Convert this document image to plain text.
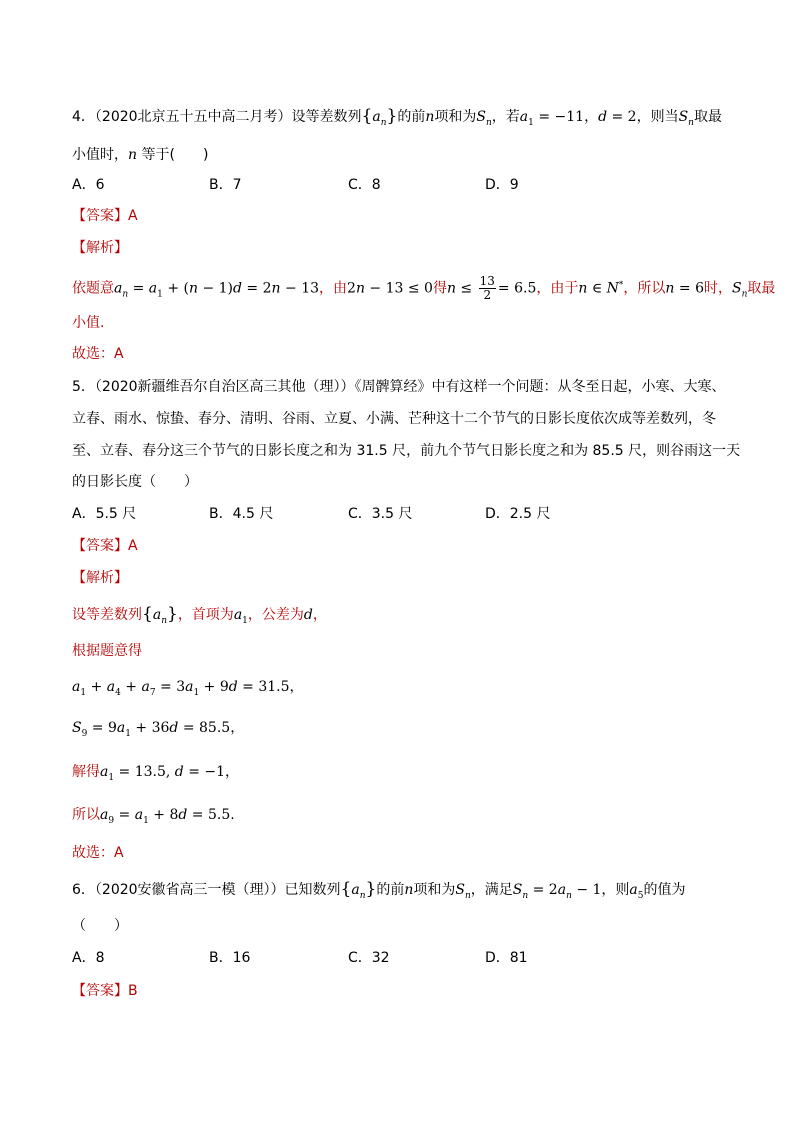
4．（2020北京五十五中高二月考）设等差数列$\{a_n\}$的前n项和为$S_n$，若$a_1 = -11$，d = 2，则当$S_n$取最
小值时，n 等于(　　)
A．6	B．7	C．8	D．9
【答案】A
【解析】
依题意$a_n = a_1 + (n - 1)d = 2n - 13$，由2n − 13 ≤ 0得$n \le \frac{13}{2} = 6.5$，由于n ∈ N*，所以n = 6时，$S_n$取最
小值.
故选：A
5．（2020新疆维吾尔自治区高三其他（理））《周髀算经》中有这样一个问题：从冬至日起，小寒、大寒、
立春、雨水、惊蛰、春分、清明、谷雨、立夏、小满、芒种这十二个节气的日影长度依次成等差数列，冬
至、立春、春分这三个节气的日影长度之和为 31.5 尺，前九个节气日影长度之和为 85.5 尺，则谷雨这一天
的日影长度（　　）
A．5.5 尺	B．4.5 尺	C．3.5 尺	D．2.5 尺
【答案】A
【解析】
设等差数列$\{a_n\}$，首项为$a_1$，公差为d，
根据题意得
$a_1 + a_4 + a_7 = 3a_1 + 9d = 31.5$，
$S_9 = 9a_1 + 36d = 85.5$，
解得$a_1 = 13.5$, d = −1，
所以$a_9 = a_1 + 8d = 5.5$.
故选：A
6．（2020安徽省高三一模（理））已知数列$\{a_n\}$的前n项和为$S_n$，满足$S_n = 2a_n - 1$，则$a_5$的值为
（　　）
A．8	B．16	C．32	D．81
【答案】B
